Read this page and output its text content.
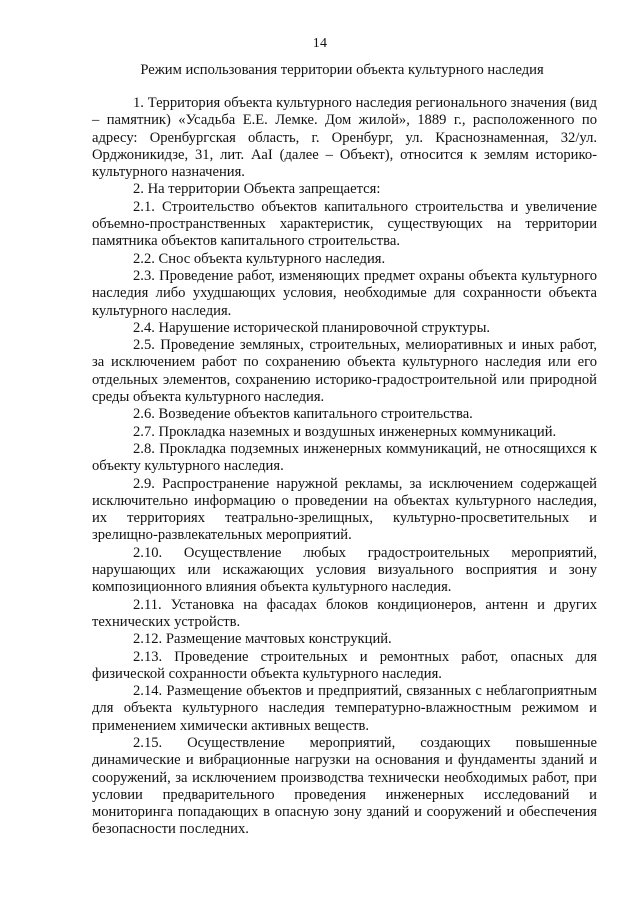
14
Режим использования территории объекта культурного наследия

1. Территория объекта культурного наследия регионального значения (вид – памятник) «Усадьба Е.Е. Лемке. Дом жилой», 1889 г., расположенного по адресу: Оренбургская область, г. Оренбург, ул. Краснознаменная, 32/ул. Орджоникидзе, 31, лит. АаI (далее – Объект), относится к землям историко-культурного назначения.

2. На территории Объекта запрещается:

2.1. Строительство объектов капитального строительства и увеличение объемно-пространственных характеристик, существующих на территории памятника объектов капитального строительства.

2.2. Снос объекта культурного наследия.

2.3. Проведение работ, изменяющих предмет охраны объекта культурного наследия либо ухудшающих условия, необходимые для сохранности объекта культурного наследия.

2.4. Нарушение исторической планировочной структуры.

2.5. Проведение земляных, строительных, мелиоративных и иных работ, за исключением работ по сохранению объекта культурного наследия или его отдельных элементов, сохранению историко-градостроительной или природной среды объекта культурного наследия.

2.6. Возведение объектов капитального строительства.

2.7. Прокладка наземных и воздушных инженерных коммуникаций.

2.8. Прокладка подземных инженерных коммуникаций, не относящихся к объекту культурного наследия.

2.9. Распространение наружной рекламы, за исключением содержащей исключительно информацию о проведении на объектах культурного наследия, их территориях театрально-зрелищных, культурно-просветительных и зрелищно-развлекательных мероприятий.

2.10. Осуществление любых градостроительных мероприятий, нарушающих или искажающих условия визуального восприятия и зону композиционного влияния объекта культурного наследия.

2.11. Установка на фасадах блоков кондиционеров, антенн и других технических устройств.

2.12. Размещение мачтовых конструкций.

2.13. Проведение строительных и ремонтных работ, опасных для физической сохранности объекта культурного наследия.

2.14. Размещение объектов и предприятий, связанных с неблагоприятным для объекта культурного наследия температурно-влажностным режимом и применением химически активных веществ.

2.15. Осуществление мероприятий, создающих повышенные динамические и вибрационные нагрузки на основания и фундаменты зданий и сооружений, за исключением производства технически необходимых работ, при условии предварительного проведения инженерных исследований и мониторинга попадающих в опасную зону зданий и сооружений и обеспечения безопасности последних.
